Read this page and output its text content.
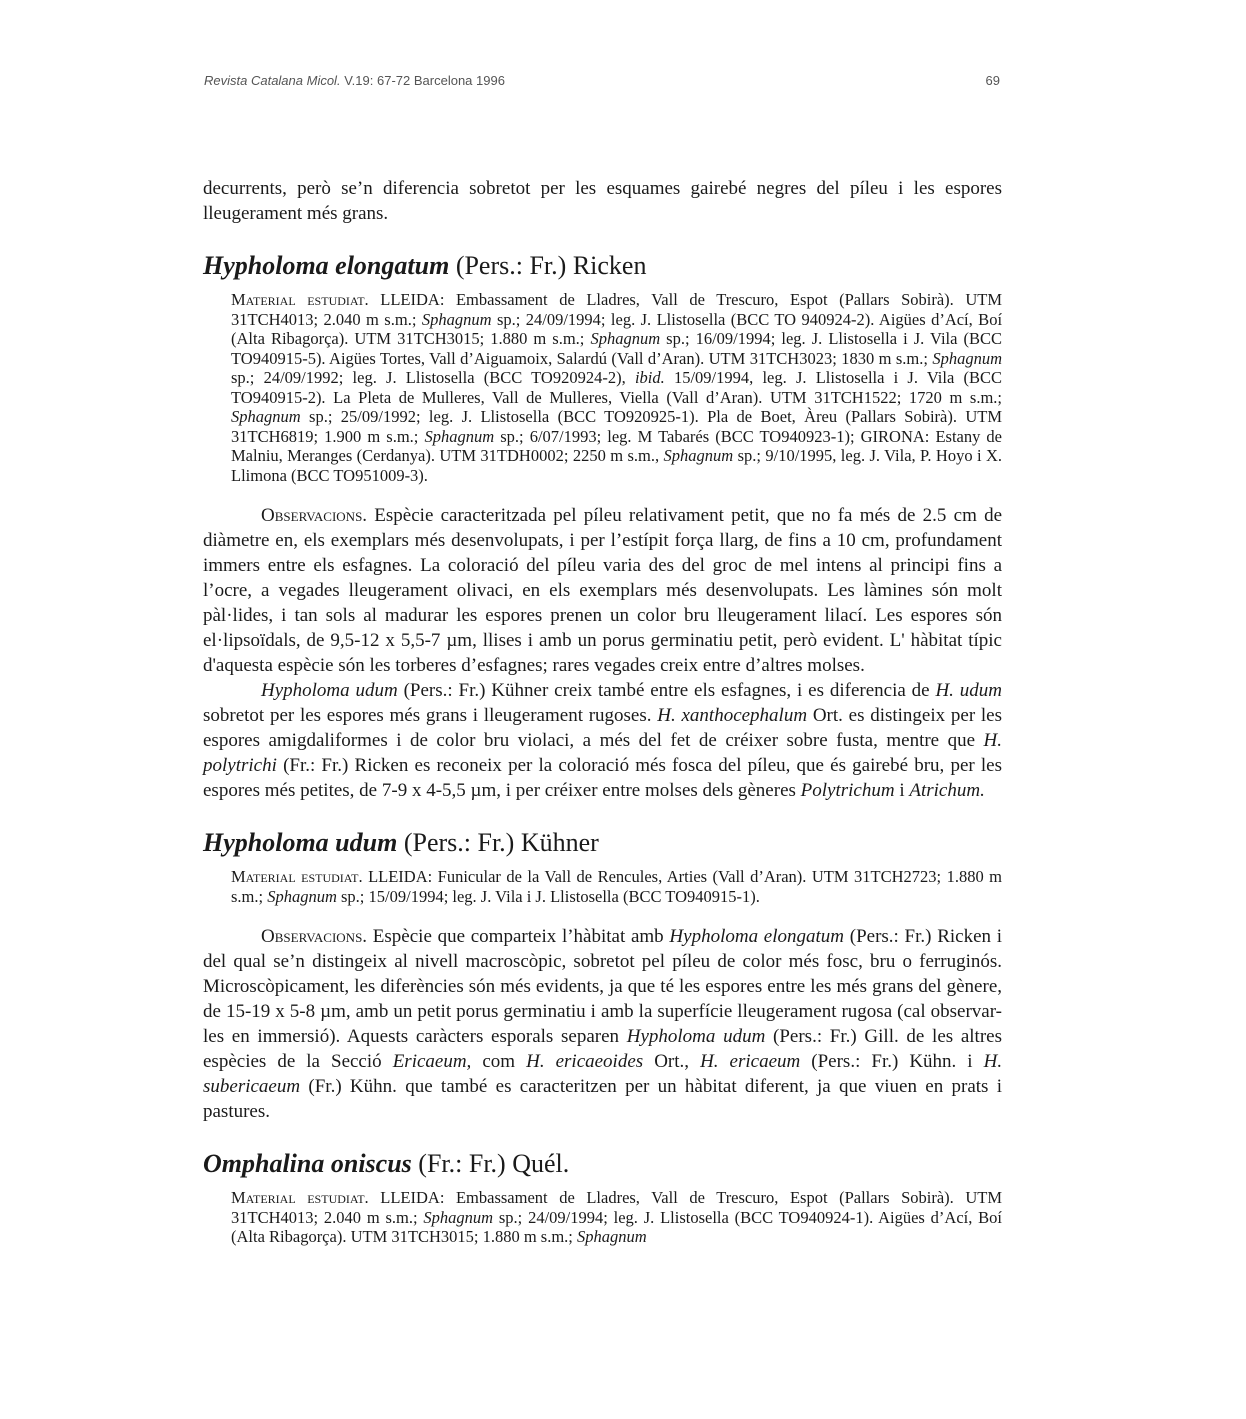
Revista Catalana Micol. V.19: 67-72 Barcelona 1996	69

decurrents, però se’n diferencia sobretot per les esquames gairebé negres del píleu i les espores lleugerament més grans.

Hypholoma elongatum (Pers.: Fr.) Ricken

Material estudiat. LLEIDA: Embassament de Lladres, Vall de Trescuro, Espot (Pallars Sobirà). UTM 31TCH4013; 2.040 m s.m.; Sphagnum sp.; 24/09/1994; leg. J. Llistosella (BCC TO 940924-2). Aigües d’Ací, Boí (Alta Ribagorça). UTM 31TCH3015; 1.880 m s.m.; Sphagnum sp.; 16/09/1994; leg. J. Llistosella i J. Vila (BCC TO940915-5). Aigües Tortes, Vall d’Aiguamoix, Salardú (Vall d’Aran). UTM 31TCH3023; 1830 m s.m.; Sphagnum sp.; 24/09/1992; leg. J. Llistosella (BCC TO920924-2), ibid. 15/09/1994, leg. J. Llistosella i J. Vila (BCC TO940915-2). La Pleta de Mulleres, Vall de Mulleres, Viella (Vall d’Aran). UTM 31TCH1522; 1720 m s.m.; Sphagnum sp.; 25/09/1992; leg. J. Llistosella (BCC TO920925-1). Pla de Boet, Àreu (Pallars Sobirà). UTM 31TCH6819; 1.900 m s.m.; Sphagnum sp.; 6/07/1993; leg. M Tabarés (BCC TO940923-1); GIRONA: Estany de Malniu, Meranges (Cerdanya). UTM 31TDH0002; 2250 m s.m., Sphagnum sp.; 9/10/1995, leg. J. Vila, P. Hoyo i X. Llimona (BCC TO951009-3).

Observacions. Espècie caracteritzada pel píleu relativament petit, que no fa més de 2.5 cm de diàmetre en, els exemplars més desenvolupats, i per l’estípit força llarg, de fins a 10 cm, profundament immers entre els esfagnes. La coloració del píleu varia des del groc de mel intens al principi fins a l’ocre, a vegades lleugerament olivaci, en els exemplars més desenvolupats. Les làmines són molt pàl·lides, i tan sols al madurar les espores prenen un color bru lleugerament lilací. Les espores són el·lipsoïdals, de 9,5-12 x 5,5-7 µm, llises i amb un porus germinatiu petit, però evident. L' hàbitat típic d'aquesta espècie són les torberes d’esfagnes; rares vegades creix entre d’altres molses.

Hypholoma udum (Pers.: Fr.) Kühner creix també entre els esfagnes, i es diferencia de H. udum sobretot per les espores més grans i lleugerament rugoses. H. xanthocephalum Ort. es distingeix per les espores amigdaliformes i de color bru violaci, a més del fet de créixer sobre fusta, mentre que H. polytrichi (Fr.: Fr.) Ricken es reconeix per la coloració més fosca del píleu, que és gairebé bru, per les espores més petites, de 7-9 x 4-5,5 µm, i per créixer entre molses dels gèneres Polytrichum i Atrichum.

Hypholoma udum (Pers.: Fr.) Kühner

Material estudiat. LLEIDA: Funicular de la Vall de Rencules, Arties (Vall d’Aran). UTM 31TCH2723; 1.880 m s.m.; Sphagnum sp.; 15/09/1994; leg. J. Vila i J. Llistosella (BCC TO940915-1).

Observacions. Espècie que comparteix l’hàbitat amb Hypholoma elongatum (Pers.: Fr.) Ricken i del qual se’n distingeix al nivell macroscòpic, sobretot pel píleu de color més fosc, bru o ferruginós. Microscòpicament, les diferències són més evidents, ja que té les espores entre les més grans del gènere, de 15-19 x 5-8 µm, amb un petit porus germinatiu i amb la superfície lleugerament rugosa (cal observar-les en immersió). Aquests caràcters esporals separen Hypholoma udum (Pers.: Fr.) Gill. de les altres espècies de la Secció Ericaeum, com H. ericaeoides Ort., H. ericaeum (Pers.: Fr.) Kühn. i H. subericaeum (Fr.) Kühn. que també es caracteritzen per un hàbitat diferent, ja que viuen en prats i pastures.

Omphalina oniscus (Fr.: Fr.) Quél.

Material estudiat. LLEIDA: Embassament de Lladres, Vall de Trescuro, Espot (Pallars Sobirà). UTM 31TCH4013; 2.040 m s.m.; Sphagnum sp.; 24/09/1994; leg. J. Llistosella (BCC TO940924-1). Aigües d’Ací, Boí (Alta Ribagorça). UTM 31TCH3015; 1.880 m s.m.; Sphagnum
